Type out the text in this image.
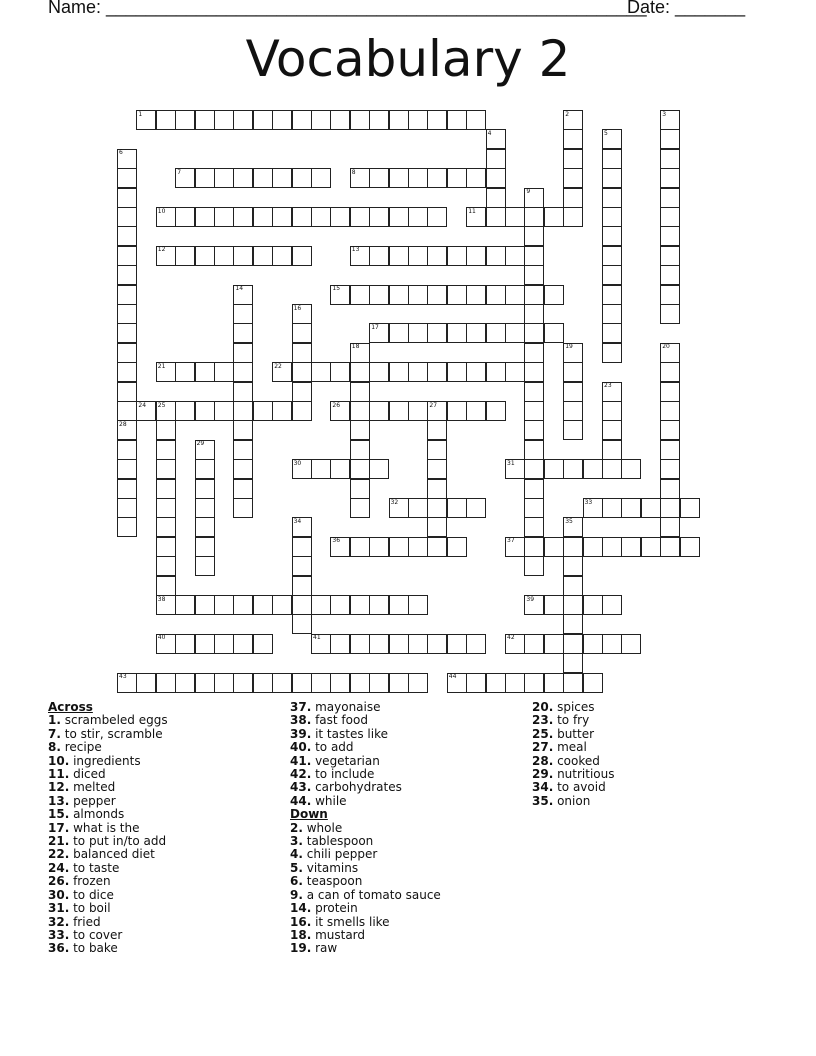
Name: ______________________________________________________
Date: _______
Vocabulary 2
1
7	8
10	11
12	13
15
17
21	22
24	26
30	31
32	33
36	37
38	39
40	41	42
43	44
2	3
4	5
6
9
14
16
18	19	20
23
25	27
28
29
34	35
Across
1. scrambeled eggs
7. to stir, scramble
8. recipe
10. ingredients
11. diced
12. melted
13. pepper
15. almonds
17. what is the
21. to put in/to add
22. balanced diet
24. to taste
26. frozen
30. to dice
31. to boil
32. fried
33. to cover
36. to bake
37. mayonaise
38. fast food
39. it tastes like
40. to add
41. vegetarian
42. to include
43. carbohydrates
44. while
Down
2. whole
3. tablespoon
4. chili pepper
5. vitamins
6. teaspoon
9. a can of tomato sauce
14. protein
16. it smells like
18. mustard
19. raw
20. spices
23. to fry
25. butter
27. meal
28. cooked
29. nutritious
34. to avoid
35. onion
